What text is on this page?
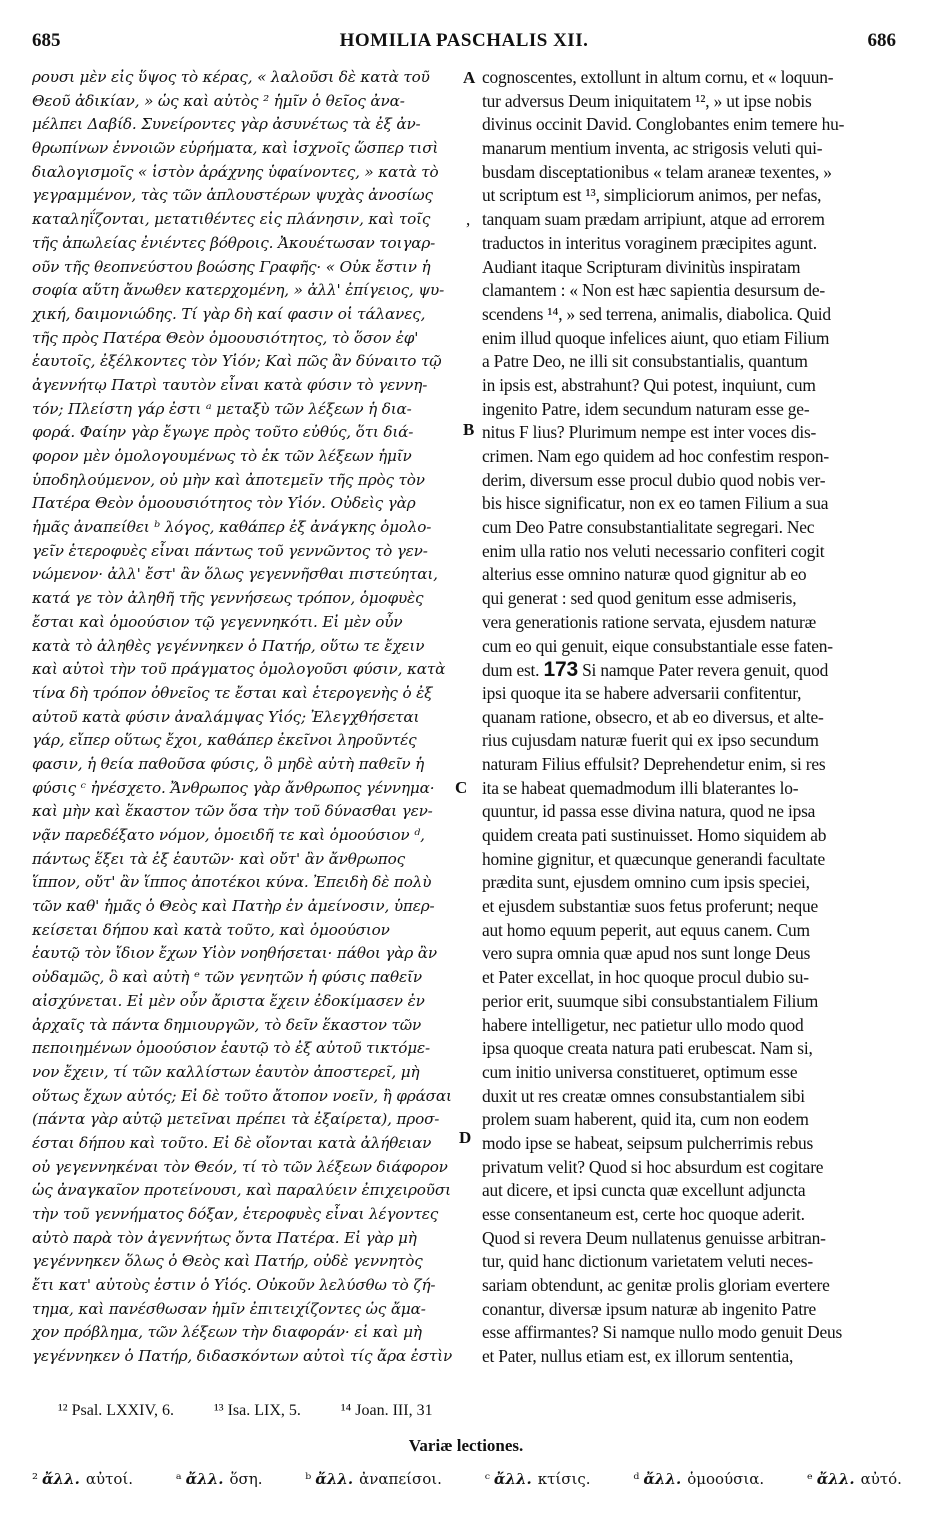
685	HOMILIA PASCHALIS XII.	686
ρουσι μὲν εἰς ὕψος τὸ κέρας, « λαλοῦσι δὲ κατὰ τοῦ
Θεοῦ ἀδικίαν, » ὡς καὶ αὐτὸς ² ἡμῖν ὁ θεῖος ἀνα-
μέλπει Δαβίδ. Συνείροντες γὰρ ἀσυνέτως τὰ ἐξ ἀν-
θρωπίνων ἐννοιῶν εὑρήματα, καὶ ἰσχνοῖς ὥσπερ τισὶ
διαλογισμοῖς « ἱστὸν ἀράχνης ὑφαίνοντες, » κατὰ τὸ
γεγραμμένον, τὰς τῶν ἁπλουστέρων ψυχὰς ἀνοσίως
καταληΐζονται, μετατιθέντες εἰς πλάνησιν, καὶ τοῖς
τῆς ἀπωλείας ἐνιέντες βόθροις. Ἀκουέτωσαν τοιγαρ-
οῦν τῆς θεοπνεύστου βοώσης Γραφῆς· « Οὐκ ἔστιν ἡ
σοφία αὕτη ἄνωθεν κατερχομένη, » ἀλλ' ἐπίγειος, ψυ-
χική, δαιμονιώδης. Τί γὰρ δὴ καί φασιν οἱ τάλανες,
τῆς πρὸς Πατέρα Θεὸν ὁμοουσιότητος, τὸ ὅσον ἐφ'
ἑαυτοῖς, ἐξέλκοντες τὸν Υἱόν; Καὶ πῶς ἂν δύναιτο τῷ
ἀγεννήτῳ Πατρὶ ταυτὸν εἶναι κατὰ φύσιν τὸ γεννη-
τόν; Πλείστη γάρ ἐστι ᵃ μεταξὺ τῶν λέξεων ἡ δια-
φορά. Φαίην γὰρ ἔγωγε πρὸς τοῦτο εὐθύς, ὅτι διά-
φορον μὲν ὁμολογουμένως τὸ ἐκ τῶν λέξεων ἡμῖν
ὑποδηλούμενον, οὐ μὴν καὶ ἀποτεμεῖν τῆς πρὸς τὸν
Πατέρα Θεὸν ὁμοουσιότητος τὸν Υἱόν. Οὐδεὶς γὰρ
ἡμᾶς ἀναπείθει ᵇ λόγος, καθάπερ ἐξ ἀνάγκης ὁμολο-
γεῖν ἑτεροφυὲς εἶναι πάντως τοῦ γεννῶντος τὸ γεν-
νώμενον· ἀλλ' ἔστ' ἂν ὅλως γεγεννῆσθαι πιστεύηται,
κατά γε τὸν ἀληθῆ τῆς γεννήσεως τρόπον, ὁμοφυὲς
ἔσται καὶ ὁμοούσιον τῷ γεγεννηκότι. Εἰ μὲν οὖν
κατὰ τὸ ἀληθὲς γεγέννηκεν ὁ Πατήρ, οὕτω τε ἔχειν
καὶ αὐτοὶ τὴν τοῦ πράγματος ὁμολογοῦσι φύσιν, κατὰ
τίνα δὴ τρόπον ὀθνεῖος τε ἔσται καὶ ἑτερογενὴς ὁ ἐξ
αὐτοῦ κατὰ φύσιν ἀναλάμψας Υἱός; Ἐλεγχθήσεται
γάρ, εἴπερ οὕτως ἔχοι, καθάπερ ἐκεῖνοι ληροῦντές
φασιν, ἡ θεία παθοῦσα φύσις, ὃ μηδὲ αὐτὴ παθεῖν ἡ
φύσις ᶜ ἠνέσχετο. Ἄνθρωπος γὰρ ἄνθρωπος γέννημα·
καὶ μὴν καὶ ἕκαστον τῶν ὅσα τὴν τοῦ δύνασθαι γεν-
νᾷν παρεδέξατο νόμον, ὁμοειδῆ τε καὶ ὁμοούσιον ᵈ,
πάντως ἕξει τὰ ἐξ ἑαυτῶν· καὶ οὔτ' ἂν ἄνθρωπος
ἵππον, οὔτ' ἂν ἵππος ἀποτέκοι κύνα. Ἐπειδὴ δὲ πολὺ
τῶν καθ' ἡμᾶς ὁ Θεὸς καὶ Πατὴρ ἐν ἀμείνοσιν, ὑπερ-
κείσεται δήπου καὶ κατὰ τοῦτο, καὶ ὁμοούσιον
ἑαυτῷ τὸν ἴδιον ἔχων Υἱὸν νοηθήσεται· πάθοι γὰρ ἂν
οὐδαμῶς, ὃ καὶ αὐτὴ ᵉ τῶν γενητῶν ἡ φύσις παθεῖν
αἰσχύνεται. Εἰ μὲν οὖν ἄριστα ἔχειν ἐδοκίμασεν ἐν
ἀρχαῖς τὰ πάντα δημιουργῶν, τὸ δεῖν ἕκαστον τῶν
πεποιημένων ὁμοούσιον ἑαυτῷ τὸ ἐξ αὐτοῦ τικτόμε-
νον ἔχειν, τί τῶν καλλίστων ἑαυτὸν ἀποστερεῖ, μὴ
οὕτως ἔχων αὐτός; Εἰ δὲ τοῦτο ἄτοπον νοεῖν, ἢ φράσαι
(πάντα γὰρ αὐτῷ μετεῖναι πρέπει τὰ ἐξαίρετα), προσ-
έσται δήπου καὶ τοῦτο. Εἰ δὲ οἴονται κατὰ ἀλήθειαν
οὐ γεγεννηκέναι τὸν Θεόν, τί τὸ τῶν λέξεων διάφορον
ὡς ἀναγκαῖον προτείνουσι, καὶ παραλύειν ἐπιχειροῦσι
τὴν τοῦ γεννήματος δόξαν, ἑτεροφυὲς εἶναι λέγοντες
αὐτὸ παρὰ τὸν ἀγεννήτως ὄντα Πατέρα. Εἰ γὰρ μὴ
γεγέννηκεν ὅλως ὁ Θεὸς καὶ Πατήρ, οὐδὲ γεννητὸς
ἔτι κατ' αὐτοὺς ἐστιν ὁ Υἱός. Οὐκοῦν λελύσθω τὸ ζή-
τημα, καὶ πανέσθωσαν ἡμῖν ἐπιτειχίζοντες ὡς ἄμα-
χον πρόβλημα, τῶν λέξεων τὴν διαφοράν· εἰ καὶ μὴ
γεγέννηκεν ὁ Πατήρ, διδασκόντων αὐτοὶ τίς ἄρα ἐστὶν
cognoscentes, extollunt in altum cornu, et « loquun-
tur adversus Deum iniquitatem ¹², » ut ipse nobis
divinus occinit David. Conglobantes enim temere hu-
manarum mentium inventa, ac strigosis veluti qui-
busdam disceptationibus « telam araneæ texentes, »
ut scriptum est ¹³, simpliciorum animos, per nefas,
tanquam suam prædam arripiunt, atque ad errorem
traductos in interitus voraginem præcipites agunt.
Audiant itaque Scripturam divinitùs inspiratam
clamantem : « Non est hæc sapientia desursum de-
scendens ¹⁴, » sed terrena, animalis, diabolica. Quid
enim illud quoque infelices aiunt, quo etiam Filium
a Patre Deo, ne illi sit consubstantialis, quantum
in ipsis est, abstrahunt? Qui potest, inquiunt, cum
ingenito Patre, idem secundum naturam esse ge-
nitus F lius? Plurimum nempe est inter voces dis-
crimen. Nam ego quidem ad hoc confestim respon-
derim, diversum esse procul dubio quod nobis ver-
bis hisce significatur, non ex eo tamen Filium a sua
cum Deo Patre consubstantialitate segregari. Nec
enim ulla ratio nos veluti necessario confiteri cogit
alterius esse omnino naturæ quod gignitur ab eo
qui generat : sed quod genitum esse admiseris,
vera generationis ratione servata, ejusdem naturæ
cum eo qui genuit, eique consubstantiale esse faten-
dum est. 173 Si namque Pater revera genuit, quod
ipsi quoque ita se habere adversarii confitentur,
quanam ratione, obsecro, et ab eo diversus, et alte-
rius cujusdam naturæ fuerit qui ex ipso secundum
naturam Filius effulsit? Deprehendetur enim, si res
ita se habeat quemadmodum illi blaterantes lo-
quuntur, id passa esse divina natura, quod ne ipsa
quidem creata pati sustinuisset. Homo siquidem ab
homine gignitur, et quæcunque generandi facultate
prædita sunt, ejusdem omnino cum ipsis speciei,
et ejusdem substantiæ suos fetus proferunt; neque
aut homo equum peperit, aut equus canem. Cum
vero supra omnia quæ apud nos sunt longe Deus
et Pater excellat, in hoc quoque procul dubio su-
perior erit, suumque sibi consubstantialem Filium
habere intelligetur, nec patietur ullo modo quod
ipsa quoque creata natura pati erubescat. Nam si,
cum initio universa constitueret, optimum esse
duxit ut res creatæ omnes consubstantialem sibi
prolem suam haberent, quid ita, cum non eodem
modo ipse se habeat, seipsum pulcherrimis rebus
privatum velit? Quod si hoc absurdum est cogitare
aut dicere, et ipsi cuncta quæ excellunt adjuncta
esse consentaneum est, certe hoc quoque aderit.
Quod si revera Deum nullatenus genuisse arbitran-
tur, quid hanc dictionum varietatem veluti neces-
sariam obtendunt, ac genitæ prolis gloriam evertere
conantur, diversæ ipsum naturæ ab ingenito Patre
esse affirmantes? Si namque nullo modo genuit Deus
et Pater, nullus etiam est, ex illorum sententia,
A
B
C
D
,
¹² Psal. LXXIV, 6.	¹³ Isa. LIX, 5.	¹⁴ Joan. III, 31
Variæ lectiones.
² ἄλλ. αὐτοί.	ᵃ ἄλλ. ὅση.	ᵇ ἄλλ. ἀναπείσοι.	ᶜ ἄλλ. κτίσις.	ᵈ ἄλλ. ὁμοούσια.	ᵉ ἄλλ. αὐτό.
